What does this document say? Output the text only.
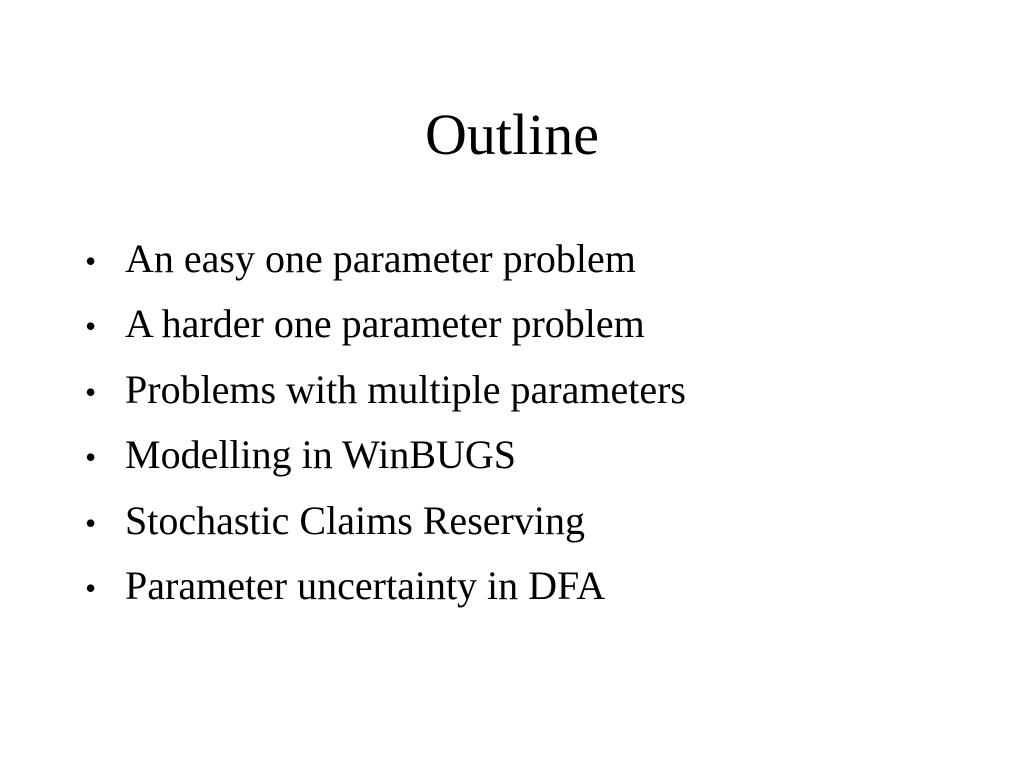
Outline
• An easy one parameter problem
• A harder one parameter problem
• Problems with multiple parameters
• Modelling in WinBUGS
• Stochastic Claims Reserving
• Parameter uncertainty in DFA
